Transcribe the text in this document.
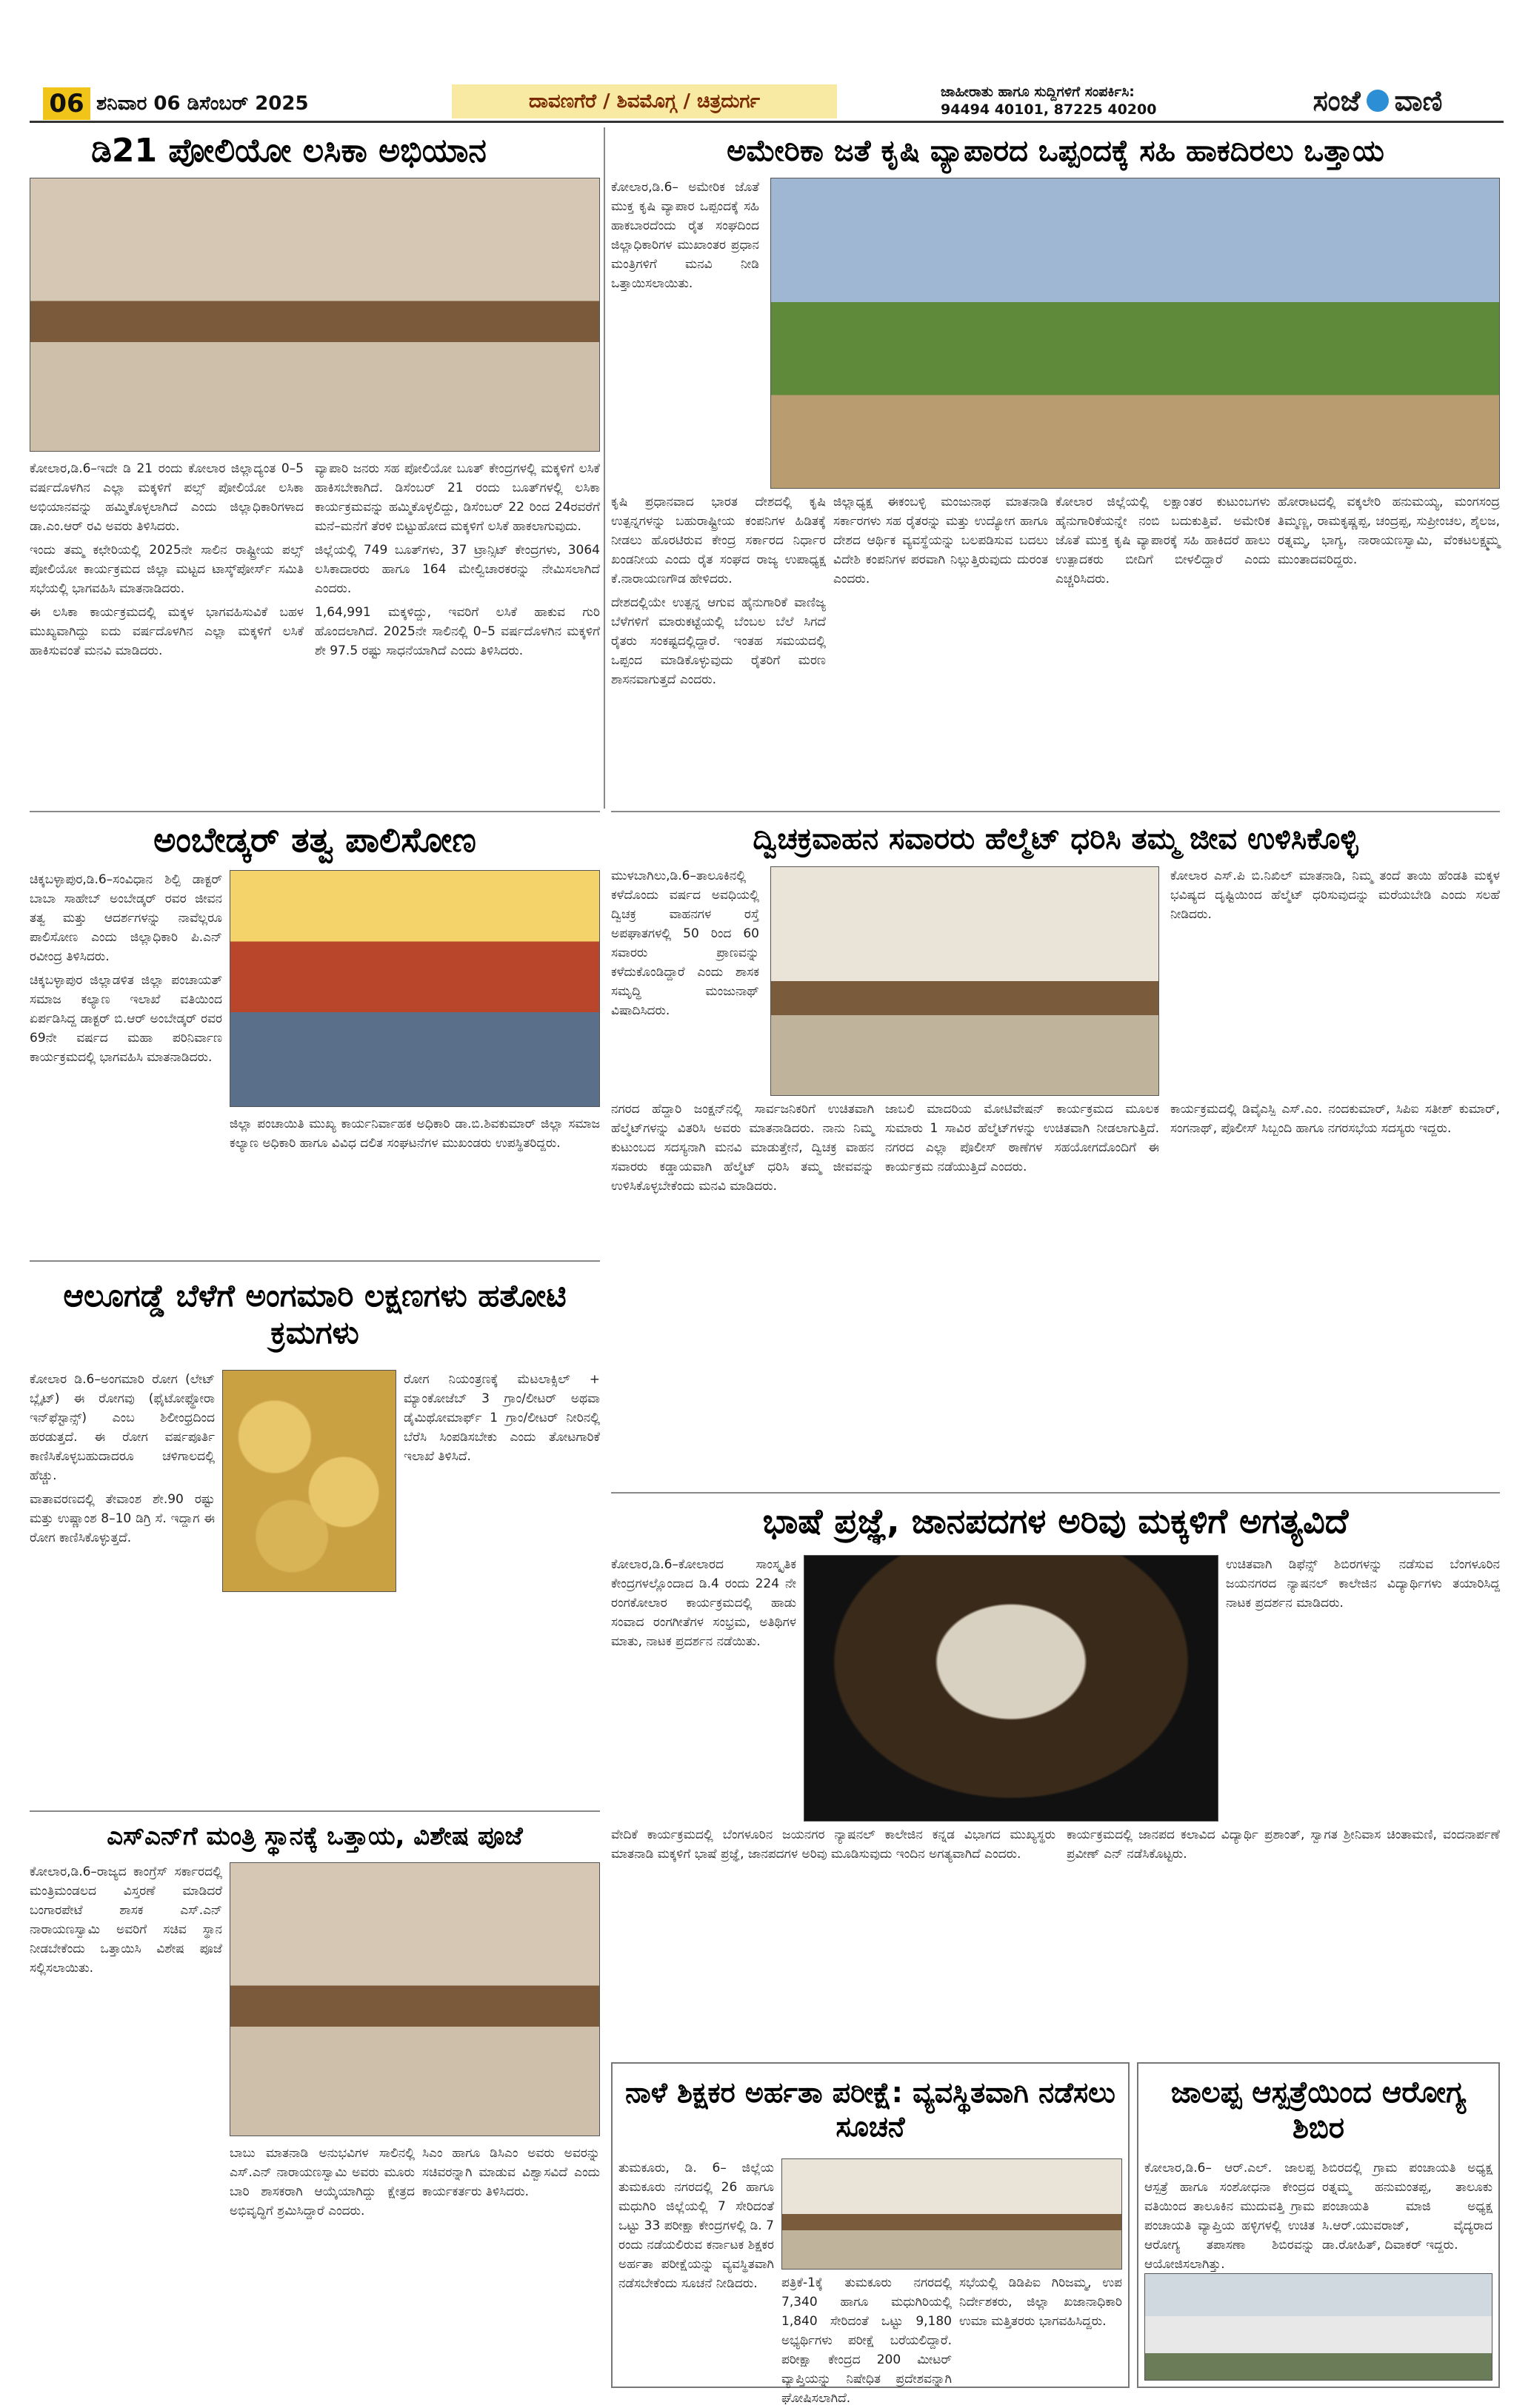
06 ಶನಿವಾರ 06 ಡಿಸೆಂಬರ್ 2025	ದಾವಣಗೆರೆ / ಶಿವಮೊಗ್ಗ / ಚಿತ್ರದುರ್ಗ	ಜಾಹೀರಾತು ಹಾಗೂ ಸುದ್ದಿಗಳಿಗೆ ಸಂಪರ್ಕಿಸಿ:
94494 40101, 87225 40200	ಸಂಜೆ ವಾಣಿ
ಡಿ21 ಪೋಲಿಯೋ ಲಸಿಕಾ ಅಭಿಯಾನ

ಕೋಲಾರ,ಡಿ.6–ಇದೇ ಡಿ 21 ರಂದು ಕೋಲಾರ ಜಿಲ್ಲಾದ್ಯಂತ 0–5 ವರ್ಷದೊಳಗಿನ ಎಲ್ಲಾ ಮಕ್ಕಳಿಗೆ ಪಲ್ಸ್ ಪೋಲಿಯೋ ಲಸಿಕಾ ಅಭಿಯಾನವನ್ನು ಹಮ್ಮಿಕೊಳ್ಳಲಾಗಿದೆ ಎಂದು ಜಿಲ್ಲಾಧಿಕಾರಿಗಳಾದ ಡಾ.ಎಂ.ಆರ್ ರವಿ ಅವರು ತಿಳಿಸಿದರು.

ಇಂದು ತಮ್ಮ ಕಛೇರಿಯಲ್ಲಿ 2025ನೇ ಸಾಲಿನ ರಾಷ್ಟ್ರೀಯ ಪಲ್ಸ್ ಪೋಲಿಯೋ ಕಾರ್ಯಕ್ರಮದ ಜಿಲ್ಲಾ ಮಟ್ಟದ ಟಾಸ್ಕ್‌ಪೋರ್ಸ್ ಸಮಿತಿ ಸಭೆಯಲ್ಲಿ ಭಾಗವಹಿಸಿ ಮಾತನಾಡಿದರು.

ಈ ಲಸಿಕಾ ಕಾರ್ಯಕ್ರಮದಲ್ಲಿ ಮಕ್ಕಳ ಭಾಗವಹಿಸುವಿಕೆ ಬಹಳ ಮುಖ್ಯವಾಗಿದ್ದು ಐದು ವರ್ಷದೊಳಗಿನ ಎಲ್ಲಾ ಮಕ್ಕಳಿಗೆ ಲಸಿಕೆ ಹಾಕಿಸುವಂತೆ ಮನವಿ ಮಾಡಿದರು.

ವ್ಯಾಪಾರಿ ಜನರು ಸಹ ಪೋಲಿಯೋ ಬೂತ್ ಕೇಂದ್ರಗಳಲ್ಲಿ ಮಕ್ಕಳಿಗೆ ಲಸಿಕೆ ಹಾಕಿಸಬೇಕಾಗಿದೆ. ಡಿಸೆಂಬರ್ 21 ರಂದು ಬೂತ್‌ಗಳಲ್ಲಿ ಲಸಿಕಾ ಕಾರ್ಯಕ್ರಮವನ್ನು ಹಮ್ಮಿಕೊಳ್ಳಲಿದ್ದು, ಡಿಸೆಂಬರ್ 22 ರಿಂದ 24ರವರೆಗೆ ಮನೆ–ಮನೆಗೆ ತೆರಳಿ ಬಿಟ್ಟುಹೋದ ಮಕ್ಕಳಿಗೆ ಲಸಿಕೆ ಹಾಕಲಾಗುವುದು.

ಜಿಲ್ಲೆಯಲ್ಲಿ 749 ಬೂತ್‌ಗಳು, 37 ಟ್ರಾನ್ಸಿಟ್ ಕೇಂದ್ರಗಳು, 3064 ಲಸಿಕಾದಾರರು ಹಾಗೂ 164 ಮೇಲ್ವಿಚಾರಕರನ್ನು ನೇಮಿಸಲಾಗಿದೆ ಎಂದರು.

1,64,991 ಮಕ್ಕಳಿದ್ದು, ಇವರಿಗೆ ಲಸಿಕೆ ಹಾಕುವ ಗುರಿ ಹೊಂದಲಾಗಿದೆ. 2025ನೇ ಸಾಲಿನಲ್ಲಿ 0–5 ವರ್ಷದೊಳಗಿನ ಮಕ್ಕಳಿಗೆ ಶೇ 97.5 ರಷ್ಟು ಸಾಧನೆಯಾಗಿದೆ ಎಂದು ತಿಳಿಸಿದರು.

ಅಮೇರಿಕಾ ಜತೆ ಕೃಷಿ ವ್ಯಾಪಾರದ ಒಪ್ಪಂದಕ್ಕೆ ಸಹಿ ಹಾಕದಿರಲು ಒತ್ತಾಯ

ಕೋಲಾರ,ಡಿ.6– ಅಮೇರಿಕ ಜೊತೆ ಮುಕ್ತ ಕೃಷಿ ವ್ಯಾಪಾರ ಒಪ್ಪಂದಕ್ಕೆ ಸಹಿ ಹಾಕಬಾರದೆಂದು ರೈತ ಸಂಘದಿಂದ ಜಿಲ್ಲಾಧಿಕಾರಿಗಳ ಮುಖಾಂತರ ಪ್ರಧಾನ ಮಂತ್ರಿಗಳಿಗೆ ಮನವಿ ನೀಡಿ ಒತ್ತಾಯಿಸಲಾಯಿತು.

ಕೃಷಿ ಪ್ರಧಾನವಾದ ಭಾರತ ದೇಶದಲ್ಲಿ ಕೃಷಿ ಉತ್ಪನ್ನಗಳನ್ನು ಬಹುರಾಷ್ಟ್ರೀಯ ಕಂಪನಿಗಳ ಹಿಡಿತಕ್ಕೆ ನೀಡಲು ಹೊರಟಿರುವ ಕೇಂದ್ರ ಸರ್ಕಾರದ ನಿರ್ಧಾರ ಖಂಡನೀಯ ಎಂದು ರೈತ ಸಂಘದ ರಾಜ್ಯ ಉಪಾಧ್ಯಕ್ಷ ಕೆ.ನಾರಾಯಣಗೌಡ ಹೇಳಿದರು.

ದೇಶದಲ್ಲಿಯೇ ಉತ್ಪನ್ನ ಆಗುವ ಹೈನುಗಾರಿಕೆ ವಾಣಿಜ್ಯ ಬೆಳೆಗಳಿಗೆ ಮಾರುಕಟ್ಟೆಯಲ್ಲಿ ಬೆಂಬಲ ಬೆಲೆ ಸಿಗದೆ ರೈತರು ಸಂಕಷ್ಟದಲ್ಲಿದ್ದಾರೆ. ಇಂತಹ ಸಮಯದಲ್ಲಿ ಒಪ್ಪಂದ ಮಾಡಿಕೊಳ್ಳುವುದು ರೈತರಿಗೆ ಮರಣ ಶಾಸನವಾಗುತ್ತದೆ ಎಂದರು.

ಜಿಲ್ಲಾಧ್ಯಕ್ಷ ಈಕಂಬಳ್ಳಿ ಮಂಜುನಾಥ ಮಾತನಾಡಿ ಸರ್ಕಾರಗಳು ಸಹ ರೈತರನ್ನು ಮತ್ತು ಉದ್ಯೋಗ ಹಾಗೂ ದೇಶದ ಆರ್ಥಿಕ ವ್ಯವಸ್ಥೆಯನ್ನು ಬಲಪಡಿಸುವ ಬದಲು ವಿದೇಶಿ ಕಂಪನಿಗಳ ಪರವಾಗಿ ನಿಲ್ಲುತ್ತಿರುವುದು ದುರಂತ ಎಂದರು.

ಕೋಲಾರ ಜಿಲ್ಲೆಯಲ್ಲಿ ಲಕ್ಷಾಂತರ ಕುಟುಂಬಗಳು ಹೈನುಗಾರಿಕೆಯನ್ನೇ ನಂಬಿ ಬದುಕುತ್ತಿವೆ. ಅಮೇರಿಕ ಜೊತೆ ಮುಕ್ತ ಕೃಷಿ ವ್ಯಾಪಾರಕ್ಕೆ ಸಹಿ ಹಾಕಿದರೆ ಹಾಲು ಉತ್ಪಾದಕರು ಬೀದಿಗೆ ಬೀಳಲಿದ್ದಾರೆ ಎಂದು ಎಚ್ಚರಿಸಿದರು.

ಹೋರಾಟದಲ್ಲಿ ವಕ್ಕಲೇರಿ ಹನುಮಯ್ಯ, ಮಂಗಸಂದ್ರ ತಿಮ್ಮಣ್ಣ, ರಾಮಕೃಷ್ಣಪ್ಪ, ಚಂದ್ರಪ್ಪ, ಸುಪ್ರೀಂಚಲ, ಶೈಲಜ, ರತ್ನಮ್ಮ, ಭಾಗ್ಯ, ನಾರಾಯಣಸ್ವಾಮಿ, ವೆಂಕಟಲಕ್ಷ್ಮಮ್ಮ ಮುಂತಾದವರಿದ್ದರು.

ದ್ವಿಚಕ್ರವಾಹನ ಸವಾರರು ಹೆಲ್ಮೆಟ್ ಧರಿಸಿ ತಮ್ಮ ಜೀವ ಉಳಿಸಿಕೊಳ್ಳಿ

ಮುಳಬಾಗಿಲು,ಡಿ.6–ತಾಲೂಕಿನಲ್ಲಿ ಕಳೆದೊಂದು ವರ್ಷದ ಅವಧಿಯಲ್ಲಿ ದ್ವಿಚಕ್ರ ವಾಹನಗಳ ರಸ್ತೆ ಅಪಘಾತಗಳಲ್ಲಿ 50 ರಿಂದ 60 ಸವಾರರು ಪ್ರಾಣವನ್ನು ಕಳೆದುಕೊಂಡಿದ್ದಾರೆ ಎಂದು ಶಾಸಕ ಸಮೃದ್ಧಿ ಮಂಜುನಾಥ್ ವಿಷಾದಿಸಿದರು.

ಕೋಲಾರ ಎಸ್.ಪಿ ಬಿ.ನಿಖಿಲ್ ಮಾತನಾಡಿ, ನಿಮ್ಮ ತಂದೆ ತಾಯಿ ಹೆಂಡತಿ ಮಕ್ಕಳ ಭವಿಷ್ಯದ ದೃಷ್ಟಿಯಿಂದ ಹೆಲ್ಮೆಟ್ ಧರಿಸುವುದನ್ನು ಮರೆಯಬೇಡಿ ಎಂದು ಸಲಹೆ ನೀಡಿದರು.

ನಗರದ ಹೆದ್ದಾರಿ ಜಂಕ್ಷನ್‌ನಲ್ಲಿ ಸಾರ್ವಜನಿಕರಿಗೆ ಉಚಿತವಾಗಿ ಹೆಲ್ಮೆಟ್‌ಗಳನ್ನು ವಿತರಿಸಿ ಅವರು ಮಾತನಾಡಿದರು. ನಾನು ನಿಮ್ಮ ಕುಟುಂಬದ ಸದಸ್ಯನಾಗಿ ಮನವಿ ಮಾಡುತ್ತೇನೆ, ದ್ವಿಚಕ್ರ ವಾಹನ ಸವಾರರು ಕಡ್ಡಾಯವಾಗಿ ಹೆಲ್ಮೆಟ್ ಧರಿಸಿ ತಮ್ಮ ಜೀವವನ್ನು ಉಳಿಸಿಕೊಳ್ಳಬೇಕೆಂದು ಮನವಿ ಮಾಡಿದರು.

ಜಾಬಲಿ ಮಾದರಿಯ ಮೋಟಿವೇಷನ್ ಕಾರ್ಯಕ್ರಮದ ಮೂಲಕ ಸುಮಾರು 1 ಸಾವಿರ ಹೆಲ್ಮೆಟ್‌ಗಳನ್ನು ಉಚಿತವಾಗಿ ನೀಡಲಾಗುತ್ತಿದೆ. ನಗರದ ಎಲ್ಲಾ ಪೊಲೀಸ್ ಠಾಣೆಗಳ ಸಹಯೋಗದೊಂದಿಗೆ ಈ ಕಾರ್ಯಕ್ರಮ ನಡೆಯುತ್ತಿದೆ ಎಂದರು.

ಕಾರ್ಯಕ್ರಮದಲ್ಲಿ ಡಿವೈಎಸ್ಪಿ ಎಸ್.ಎಂ. ನಂದಕುಮಾರ್, ಸಿಪಿಐ ಸತೀಶ್ ಕುಮಾರ್, ಸಂಗನಾಥ್, ಪೊಲೀಸ್ ಸಿಬ್ಬಂದಿ ಹಾಗೂ ನಗರಸಭೆಯ ಸದಸ್ಯರು ಇದ್ದರು.

ಅಂಬೇಡ್ಕರ್ ತತ್ವ ಪಾಲಿಸೋಣ

ಚಿಕ್ಕಬಳ್ಳಾಪುರ,ಡಿ.6–ಸಂವಿಧಾನ ಶಿಲ್ಪಿ ಡಾಕ್ಟರ್ ಬಾಬಾ ಸಾಹೇಬ್ ಅಂಬೇಡ್ಕರ್ ರವರ ಜೀವನ ತತ್ವ ಮತ್ತು ಆದರ್ಶಗಳನ್ನು ನಾವೆಲ್ಲರೂ ಪಾಲಿಸೋಣ ಎಂದು ಜಿಲ್ಲಾಧಿಕಾರಿ ಪಿ.ಎನ್ ರವೀಂದ್ರ ತಿಳಿಸಿದರು.

ಚಿಕ್ಕಬಳ್ಳಾಪುರ ಜಿಲ್ಲಾಡಳಿತ ಜಿಲ್ಲಾ ಪಂಚಾಯತ್ ಸಮಾಜ ಕಲ್ಯಾಣ ಇಲಾಖೆ ವತಿಯಿಂದ ಏರ್ಪಡಿಸಿದ್ದ ಡಾಕ್ಟರ್ ಬಿ.ಆರ್ ಅಂಬೇಡ್ಕರ್ ರವರ 69ನೇ ವರ್ಷದ ಮಹಾ ಪರಿನಿರ್ವಾಣ ಕಾರ್ಯಕ್ರಮದಲ್ಲಿ ಭಾಗವಹಿಸಿ ಮಾತನಾಡಿದರು.

ಜಿಲ್ಲಾ ಪಂಚಾಯಿತಿ ಮುಖ್ಯ ಕಾರ್ಯನಿರ್ವಾಹಕ ಅಧಿಕಾರಿ ಡಾ.ಬಿ.ಶಿವಕುಮಾರ್ ಜಿಲ್ಲಾ ಸಮಾಜ ಕಲ್ಯಾಣ ಅಧಿಕಾರಿ ಹಾಗೂ ವಿವಿಧ ದಲಿತ ಸಂಘಟನೆಗಳ ಮುಖಂಡರು ಉಪಸ್ಥಿತರಿದ್ದರು.

ಆಲೂಗಡ್ಡೆ ಬೆಳೆಗೆ ಅಂಗಮಾರಿ ಲಕ್ಷಣಗಳು ಹತೋಟಿ ಕ್ರಮಗಳು

ಕೋಲಾರ ಡಿ.6–ಅಂಗಮಾರಿ ರೋಗ (ಲೇಟ್ ಬ್ಲೈಟ್) ಈ ರೋಗವು (ಫೈಟೋಫ್ಥೋರಾ ಇನ್‌ಫೆಸ್ಟಾನ್ಸ್) ಎಂಬ ಶಿಲೀಂಧ್ರದಿಂದ ಹರಡುತ್ತದೆ. ಈ ರೋಗ ವರ್ಷಪೂರ್ತಿ ಕಾಣಿಸಿಕೊಳ್ಳಬಹುದಾದರೂ ಚಳಿಗಾಲದಲ್ಲಿ ಹೆಚ್ಚು.

ವಾತಾವರಣದಲ್ಲಿ ತೇವಾಂಶ ಶೇ.90 ರಷ್ಟು ಮತ್ತು ಉಷ್ಣಾಂಶ 8–10 ಡಿಗ್ರಿ ಸೆ. ಇದ್ದಾಗ ಈ ರೋಗ ಕಾಣಿಸಿಕೊಳ್ಳುತ್ತದೆ.

ರೋಗ ನಿಯಂತ್ರಣಕ್ಕೆ ಮೆಟಲಾಕ್ಸಿಲ್ + ಮ್ಯಾಂಕೋಜೆಬ್ 3 ಗ್ರಾಂ/ಲೀಟರ್ ಅಥವಾ ಡೈಮಿಥೋಮಾರ್ಫ್ 1 ಗ್ರಾಂ/ಲೀಟರ್ ನೀರಿನಲ್ಲಿ ಬೆರೆಸಿ ಸಿಂಪಡಿಸಬೇಕು ಎಂದು ತೋಟಗಾರಿಕೆ ಇಲಾಖೆ ತಿಳಿಸಿದೆ.

ಎಸ್‌ಎನ್‌ಗೆ ಮಂತ್ರಿ ಸ್ಥಾನಕ್ಕೆ ಒತ್ತಾಯ, ವಿಶೇಷ ಪೂಜೆ

ಕೋಲಾರ,ಡಿ.6–ರಾಜ್ಯದ ಕಾಂಗ್ರೆಸ್ ಸರ್ಕಾರದಲ್ಲಿ ಮಂತ್ರಿಮಂಡಲದ ವಿಸ್ತರಣೆ ಮಾಡಿದರೆ ಬಂಗಾರಪೇಟೆ ಶಾಸಕ ಎಸ್.ಎನ್ ನಾರಾಯಣಸ್ವಾಮಿ ಅವರಿಗೆ ಸಚಿವ ಸ್ಥಾನ ನೀಡಬೇಕೆಂದು ಒತ್ತಾಯಿಸಿ ವಿಶೇಷ ಪೂಜೆ ಸಲ್ಲಿಸಲಾಯಿತು.

ಬಾಬು ಮಾತನಾಡಿ ಅನುಭವಿಗಳ ಸಾಲಿನಲ್ಲಿ ಎಸ್.ಎನ್ ನಾರಾಯಣಸ್ವಾಮಿ ಅವರು ಮೂರು ಬಾರಿ ಶಾಸಕರಾಗಿ ಆಯ್ಕೆಯಾಗಿದ್ದು ಕ್ಷೇತ್ರದ ಅಭಿವೃದ್ಧಿಗೆ ಶ್ರಮಿಸಿದ್ದಾರೆ ಎಂದರು.

ಸಿಎಂ ಹಾಗೂ ಡಿಸಿಎಂ ಅವರು ಅವರನ್ನು ಸಚಿವರನ್ನಾಗಿ ಮಾಡುವ ವಿಶ್ವಾಸವಿದೆ ಎಂದು ಕಾರ್ಯಕರ್ತರು ತಿಳಿಸಿದರು.

ಭಾಷೆ ಪ್ರಜ್ಞೆ, ಜಾನಪದಗಳ ಅರಿವು ಮಕ್ಕಳಿಗೆ ಅಗತ್ಯವಿದೆ

ಕೋಲಾರ,ಡಿ.6–ಕೋಲಾರದ ಸಾಂಸ್ಕೃತಿಕ ಕೇಂದ್ರಗಳಲ್ಲೊಂದಾದ ಡಿ.4 ರಂದು 224 ನೇ ರಂಗಕೋಲಾರ ಕಾರ್ಯಕ್ರಮದಲ್ಲಿ ಹಾಡು ಸಂವಾದ ರಂಗಗೀತೆಗಳ ಸಂಭ್ರಮ, ಅತಿಥಿಗಳ ಮಾತು, ನಾಟಕ ಪ್ರದರ್ಶನ ನಡೆಯಿತು.

ಉಚಿತವಾಗಿ ಡಿಫೆನ್ಸ್ ಶಿಬಿರಗಳನ್ನು ನಡೆಸುವ ಬೆಂಗಳೂರಿನ ಜಯನಗರದ ನ್ಯಾಷನಲ್ ಕಾಲೇಜಿನ ವಿದ್ಯಾರ್ಥಿಗಳು ತಯಾರಿಸಿದ್ದ ನಾಟಕ ಪ್ರದರ್ಶನ ಮಾಡಿದರು.

ವೇದಿಕೆ ಕಾರ್ಯಕ್ರಮದಲ್ಲಿ ಬೆಂಗಳೂರಿನ ಜಯನಗರ ನ್ಯಾಷನಲ್ ಕಾಲೇಜಿನ ಕನ್ನಡ ವಿಭಾಗದ ಮುಖ್ಯಸ್ಥರು ಮಾತನಾಡಿ ಮಕ್ಕಳಿಗೆ ಭಾಷೆ ಪ್ರಜ್ಞೆ, ಜಾನಪದಗಳ ಅರಿವು ಮೂಡಿಸುವುದು ಇಂದಿನ ಅಗತ್ಯವಾಗಿದೆ ಎಂದರು.

ಕಾರ್ಯಕ್ರಮದಲ್ಲಿ ಜಾನಪದ ಕಲಾವಿದ ವಿದ್ಯಾರ್ಥಿ ಪ್ರಶಾಂತ್, ಸ್ವಾಗತ ಶ್ರೀನಿವಾಸ ಚಿಂತಾಮಣಿ, ವಂದನಾರ್ಪಣೆ ಪ್ರವೀಣ್ ಎನ್ ನಡೆಸಿಕೊಟ್ಟರು.

ನಾಳೆ ಶಿಕ್ಷಕರ ಅರ್ಹತಾ ಪರೀಕ್ಷೆ: ವ್ಯವಸ್ಥಿತವಾಗಿ ನಡೆಸಲು ಸೂಚನೆ

ತುಮಕೂರು, ಡಿ. 6– ಜಿಲ್ಲೆಯ ತುಮಕೂರು ನಗರದಲ್ಲಿ 26 ಹಾಗೂ ಮಧುಗಿರಿ ಜಿಲ್ಲೆಯಲ್ಲಿ 7 ಸೇರಿದಂತೆ ಒಟ್ಟು 33 ಪರೀಕ್ಷಾ ಕೇಂದ್ರಗಳಲ್ಲಿ ಡಿ. 7 ರಂದು ನಡೆಯಲಿರುವ ಕರ್ನಾಟಕ ಶಿಕ್ಷಕರ ಅರ್ಹತಾ ಪರೀಕ್ಷೆಯನ್ನು ವ್ಯವಸ್ಥಿತವಾಗಿ ನಡೆಸಬೇಕೆಂದು ಸೂಚನೆ ನೀಡಿದರು.	ಪತ್ರಿಕೆ-1ಕ್ಕೆ ತುಮಕೂರು ನಗರದಲ್ಲಿ 7,340 ಹಾಗೂ ಮಧುಗಿರಿಯಲ್ಲಿ 1,840 ಸೇರಿದಂತೆ ಒಟ್ಟು 9,180 ಅಭ್ಯರ್ಥಿಗಳು ಪರೀಕ್ಷೆ ಬರೆಯಲಿದ್ದಾರೆ. ಪರೀಕ್ಷಾ ಕೇಂದ್ರದ 200 ಮೀಟರ್ ವ್ಯಾಪ್ತಿಯನ್ನು ನಿಷೇಧಿತ ಪ್ರದೇಶವನ್ನಾಗಿ ಘೋಷಿಸಲಾಗಿದೆ.

ಸಭೆಯಲ್ಲಿ ಡಿಡಿಪಿಐ ಗಿರಿಜಮ್ಮ, ಉಪ ನಿರ್ದೇಶಕರು, ಜಿಲ್ಲಾ ಖಜಾನಾಧಿಕಾರಿ ಉಮಾ ಮತ್ತಿತರರು ಭಾಗವಹಿಸಿದ್ದರು.

ಜಾಲಪ್ಪ ಆಸ್ಪತ್ರೆಯಿಂದ ಆರೋಗ್ಯ ಶಿಬಿರ

ಕೋಲಾರ,ಡಿ.6– ಆರ್.ಎಲ್. ಜಾಲಪ್ಪ ಆಸ್ಪತ್ರೆ ಹಾಗೂ ಸಂಶೋಧನಾ ಕೇಂದ್ರದ ವತಿಯಿಂದ ತಾಲೂಕಿನ ಮುದುವತ್ತಿ ಗ್ರಾಮ ಪಂಚಾಯತಿ ವ್ಯಾಪ್ತಿಯ ಹಳ್ಳಿಗಳಲ್ಲಿ ಉಚಿತ ಆರೋಗ್ಯ ತಪಾಸಣಾ ಶಿಬಿರವನ್ನು ಆಯೋಜಿಸಲಾಗಿತ್ತು.

ಶಿಬಿರದಲ್ಲಿ ಗ್ರಾಮ ಪಂಚಾಯತಿ ಅಧ್ಯಕ್ಷ ರತ್ನಮ್ಮ ಹನುಮಂತಪ್ಪ, ತಾಲೂಕು ಪಂಚಾಯತಿ ಮಾಜಿ ಅಧ್ಯಕ್ಷ ಸಿ.ಆರ್.ಯುವರಾಜ್, ವೈದ್ಯರಾದ ಡಾ.ರೋಹಿತ್, ದಿವಾಕರ್ ಇದ್ದರು.
